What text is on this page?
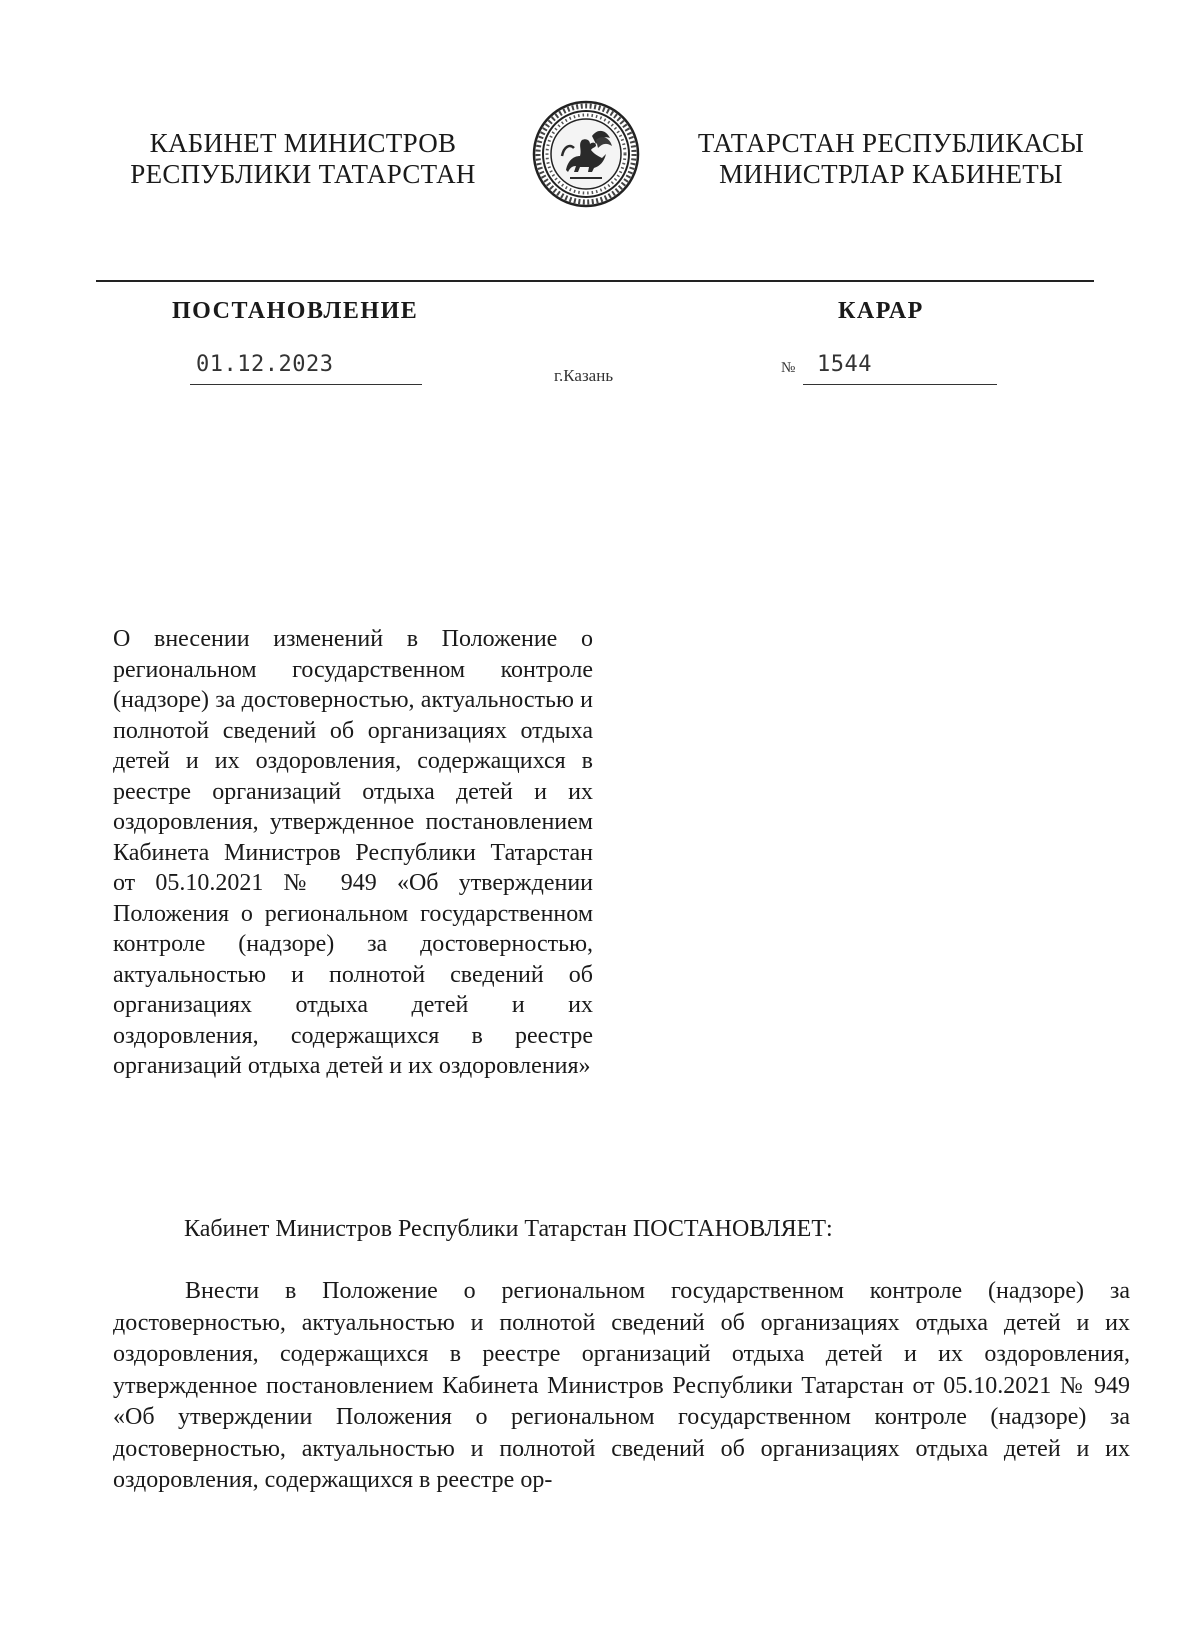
КАБИНЕТ МИНИСТРОВ
РЕСПУБЛИКИ ТАТАРСТАН
ТАТАРСТАН РЕСПУБЛИКАСЫ
МИНИСТРЛАР КАБИНЕТЫ
ПОСТАНОВЛЕНИЕ	КАРАР
01.12.2023	г.Казань	№ 1544
О внесении изменений в Положение о региональном государственном контроле (надзоре) за достоверностью, актуальностью и полнотой сведений об организациях отдыха детей и их оздоровления, содержащихся в реестре организаций отдыха детей и их оздоровления, утвержденное постановлением Кабинета Министров Республики Татарстан от 05.10.2021 № 949 «Об утверждении Положения о региональном государственном контроле (надзоре) за достоверностью, актуальностью и полнотой сведений об организациях отдыха детей и их оздоровления, содержащихся в реестре организаций отдыха детей и их оздоровления»
Кабинет Министров Республики Татарстан ПОСТАНОВЛЯЕТ:
Внести в Положение о региональном государственном контроле (надзоре) за достоверностью, актуальностью и полнотой сведений об организациях отдыха детей и их оздоровления, содержащихся в реестре организаций отдыха детей и их оздоровления, утвержденное постановлением Кабинета Министров Республики Татарстан от 05.10.2021 № 949 «Об утверждении Положения о региональном государственном контроле (надзоре) за достоверностью, актуальностью и полнотой сведений об организациях отдыха детей и их оздоровления, содержащихся в реестре ор-
